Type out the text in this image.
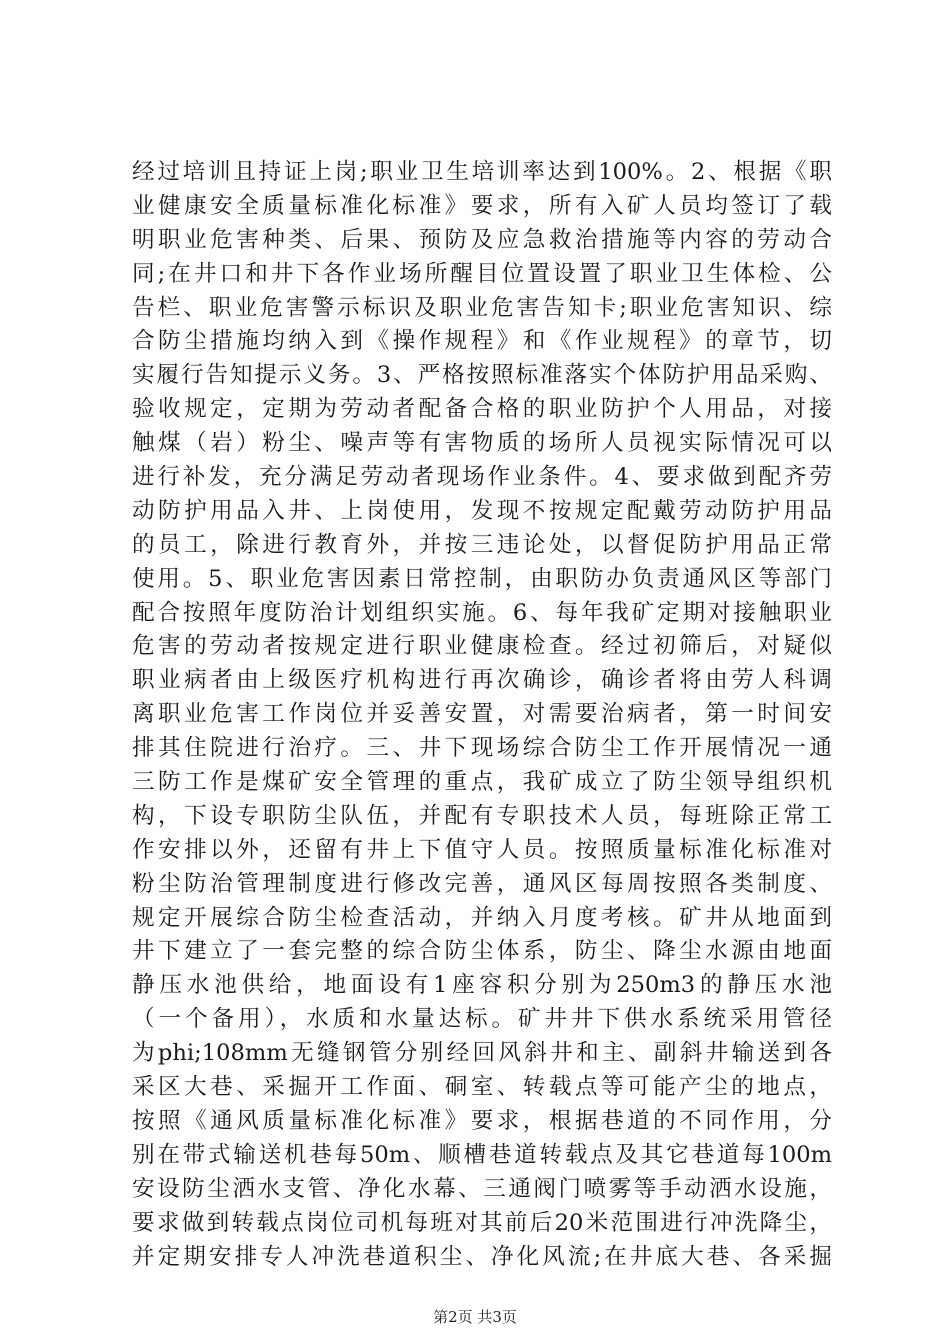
经过培训且持证上岗;职业卫生培训率达到100%。2、根据《职
业健康安全质量标准化标准》要求，所有入矿人员均签订了载
明职业危害种类、后果、预防及应急救治措施等内容的劳动合
同;在井口和井下各作业场所醒目位置设置了职业卫生体检、公
告栏、职业危害警示标识及职业危害告知卡;职业危害知识、综
合防尘措施均纳入到《操作规程》和《作业规程》的章节，切
实履行告知提示义务。3、严格按照标准落实个体防护用品采购、
验收规定，定期为劳动者配备合格的职业防护个人用品，对接
触煤（岩）粉尘、噪声等有害物质的场所人员视实际情况可以
进行补发，充分满足劳动者现场作业条件。4、要求做到配齐劳
动防护用品入井、上岗使用，发现不按规定配戴劳动防护用品
的员工，除进行教育外，并按三违论处，以督促防护用品正常
使用。5、职业危害因素日常控制，由职防办负责通风区等部门
配合按照年度防治计划组织实施。6、每年我矿定期对接触职业
危害的劳动者按规定进行职业健康检查。经过初筛后，对疑似
职业病者由上级医疗机构进行再次确诊，确诊者将由劳人科调
离职业危害工作岗位并妥善安置，对需要治病者，第一时间安
排其住院进行治疗。三、井下现场综合防尘工作开展情况一通
三防工作是煤矿安全管理的重点，我矿成立了防尘领导组织机
构，下设专职防尘队伍，并配有专职技术人员，每班除正常工
作安排以外，还留有井上下值守人员。按照质量标准化标准对
粉尘防治管理制度进行修改完善，通风区每周按照各类制度、
规定开展综合防尘检查活动，并纳入月度考核。矿井从地面到
井下建立了一套完整的综合防尘体系，防尘、降尘水源由地面
静压水池供给，地面设有1座容积分别为250m3的静压水池
（一个备用），水质和水量达标。矿井井下供水系统采用管径
为phi;108mm无缝钢管分别经回风斜井和主、副斜井输送到各
采区大巷、采掘开工作面、硐室、转载点等可能产尘的地点，
按照《通风质量标准化标准》要求，根据巷道的不同作用，分
别在带式输送机巷每50m、顺槽巷道转载点及其它巷道每100m
安设防尘洒水支管、净化水幕、三通阀门喷雾等手动洒水设施，
要求做到转载点岗位司机每班对其前后20米范围进行冲洗降尘，
并定期安排专人冲洗巷道积尘、净化风流;在井底大巷、各采掘
第2页 共3页
